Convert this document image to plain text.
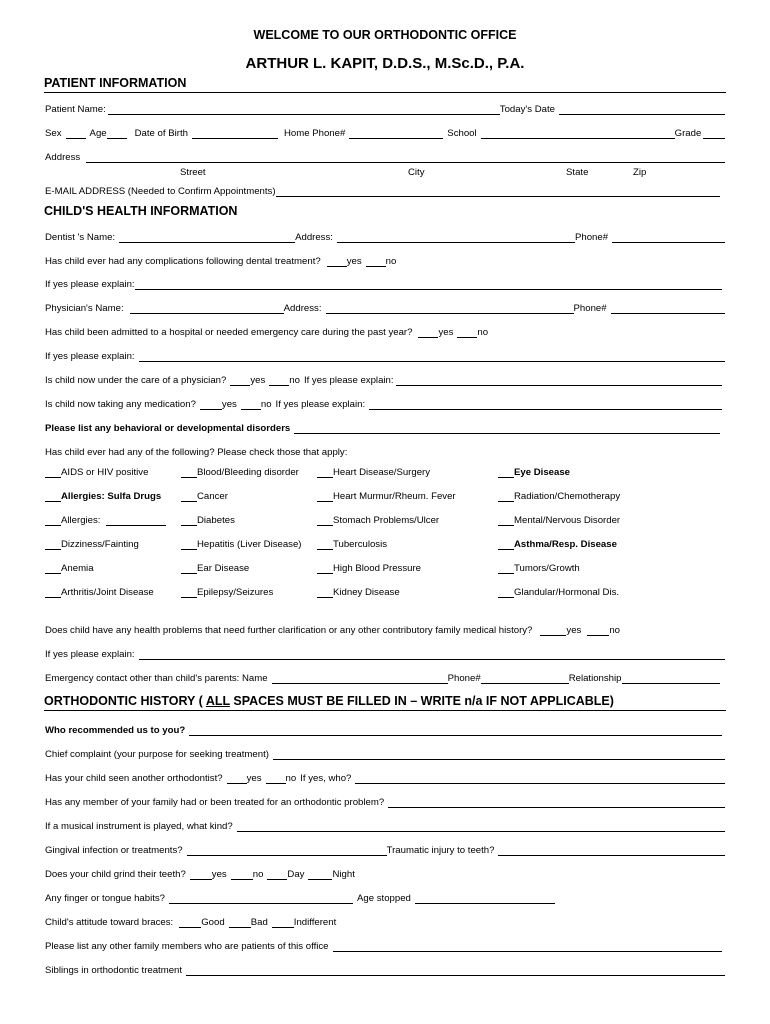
WELCOME TO OUR ORTHODONTIC OFFICE
ARTHUR L. KAPIT, D.D.S., M.Sc.D., P.A.
PATIENT INFORMATION
Patient Name:	Today's Date
Sex	Age	Date of Birth	Home Phone#	School	Grade
Address
Street	City	State	Zip
E-MAIL ADDRESS (Needed to Confirm Appointments)
CHILD'S HEALTH INFORMATION
Dentist 's Name:	Address:	Phone#
Has child ever had any complications following dental treatment?	yes	no
If yes please explain:
Physician's Name:	Address:	Phone#
Has child been admitted to a hospital or needed emergency care during the past year?	yes	no
If yes please explain:
Is child now under the care of a physician?	yes	no If yes please explain:
Is child now taking any medication?	yes	no If yes please explain:
Please list any behavioral or developmental disorders
Has child ever had any of the following? Please check those that apply:
AIDS or HIV positive	Blood/Bleeding disorder	Heart Disease/Surgery	Eye Disease
Allergies: Sulfa Drugs	Cancer	Heart Murmur/Rheum. Fever	Radiation/Chemotherapy
Allergies:	Diabetes	Stomach Problems/Ulcer	Mental/Nervous Disorder
Dizziness/Fainting	Hepatitis (Liver Disease)	Tuberculosis	Asthma/Resp. Disease
Anemia	Ear Disease	High Blood Pressure	Tumors/Growth
Arthritis/Joint Disease	Epilepsy/Seizures	Kidney Disease	Glandular/Hormonal Dis.
Does child have any health problems that need further clarification or any other contributory family medical history?	yes	no
If yes please explain:
Emergency contact other than child's parents: Name	Phone#	Relationship
ORTHODONTIC HISTORY ( ALL SPACES MUST BE FILLED IN – WRITE n/a IF NOT APPLICABLE)
Who recommended us to you?
Chief complaint (your purpose for seeking treatment)
Has your child seen another orthodontist?	yes	no If yes, who?
Has any member of your family had or been treated for an orthodontic problem?
If a musical instrument is played, what kind?
Gingival infection or treatments?	Traumatic injury to teeth?
Does your child grind their teeth?	yes	no	Day	Night
Any finger or tongue habits?	Age stopped
Child's attitude toward braces:	Good	Bad	Indifferent
Please list any other family members who are patients of this office
Siblings in orthodontic treatment
